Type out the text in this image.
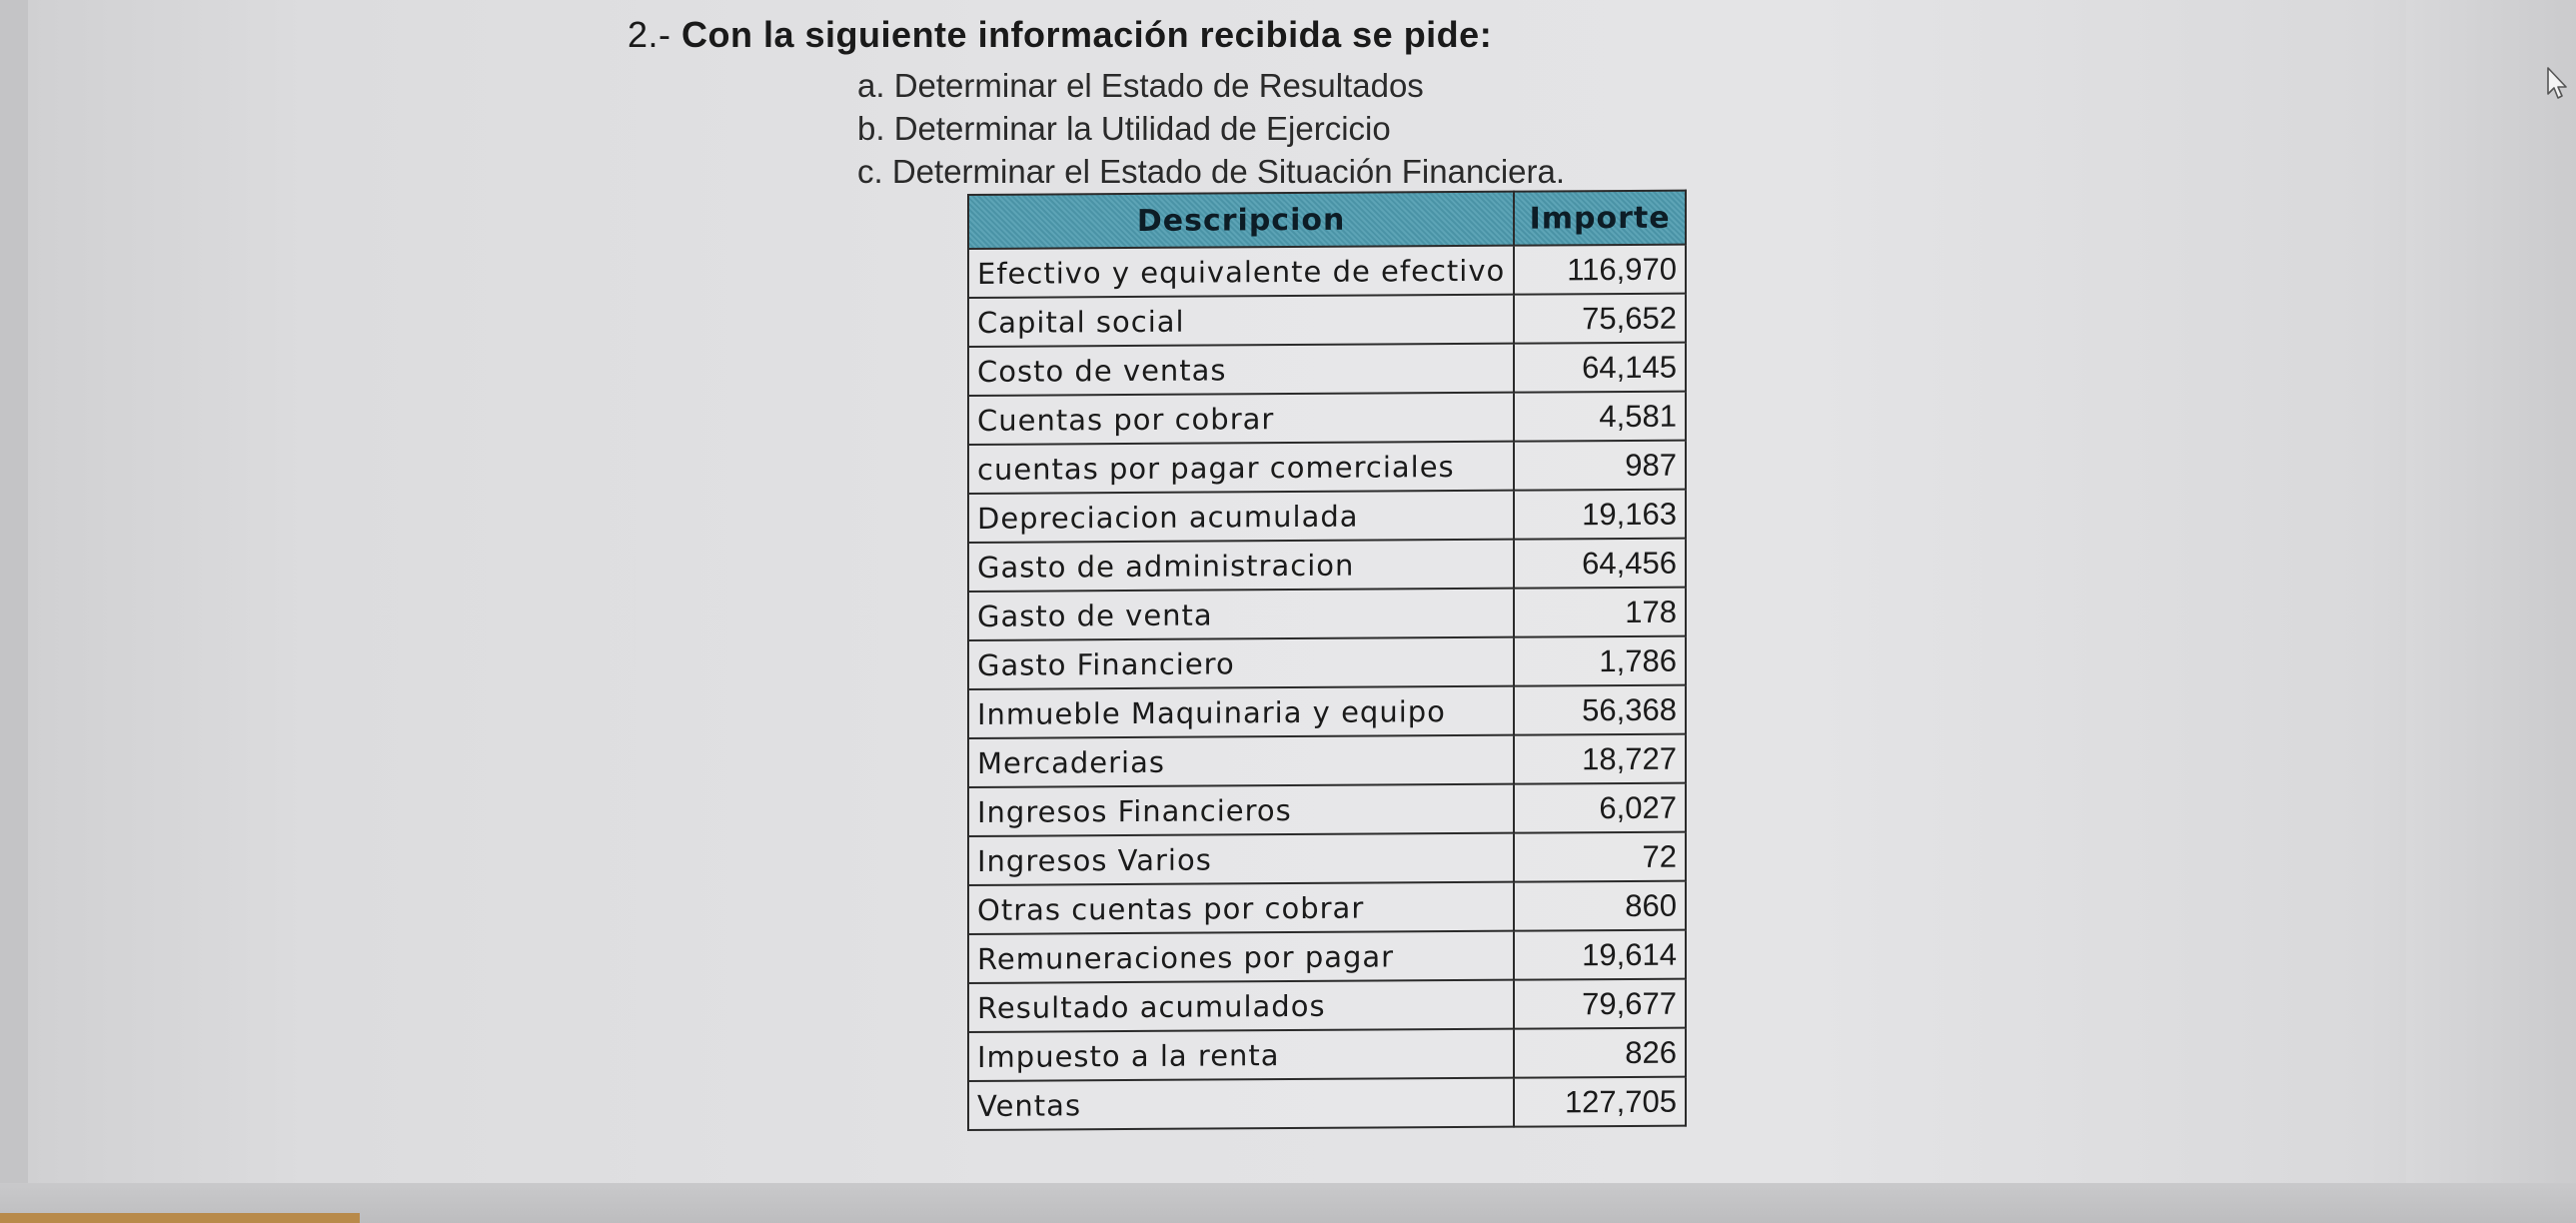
2.- Con la siguiente información recibida se pide:
a. Determinar el Estado de Resultados
b. Determinar la Utilidad de Ejercicio
c. Determinar el Estado de Situación Financiera.
Descripcion	Importe
Efectivo y equivalente de efectivo	116,970
Capital social	75,652
Costo de ventas	64,145
Cuentas por cobrar	4,581
cuentas por pagar comerciales	987
Depreciacion acumulada	19,163
Gasto de administracion	64,456
Gasto de venta	178
Gasto Financiero	1,786
Inmueble Maquinaria y equipo	56,368
Mercaderias	18,727
Ingresos Financieros	6,027
Ingresos Varios	72
Otras cuentas por cobrar	860
Remuneraciones por pagar	19,614
Resultado acumulados	79,677
Impuesto a la renta	826
Ventas	127,705
